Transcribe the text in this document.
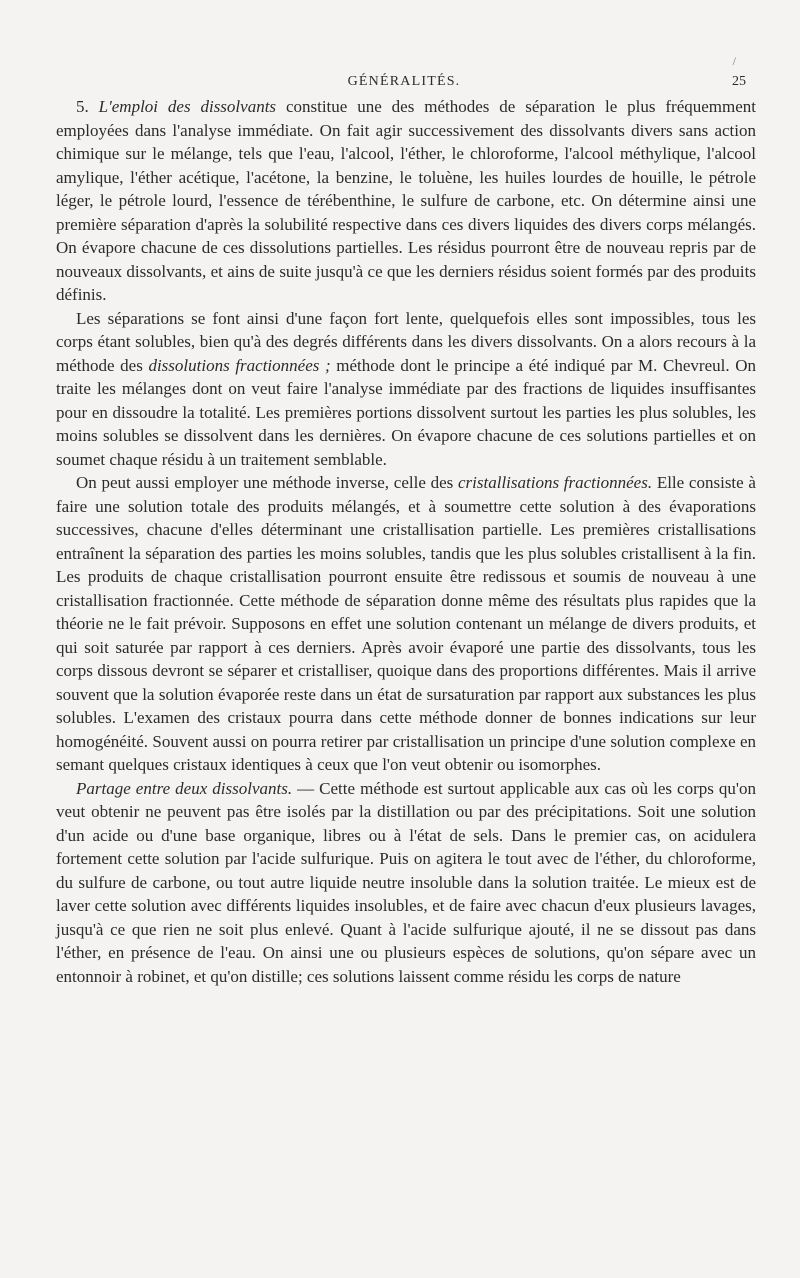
/
GÉNÉRALITÉS.	25

5. L'emploi des dissolvants constitue une des méthodes de séparation le plus fréquemment employées dans l'analyse immédiate. On fait agir successivement des dissolvants divers sans action chimique sur le mélange, tels que l'eau, l'alcool, l'éther, le chloroforme, l'alcool méthylique, l'alcool amylique, l'éther acétique, l'acétone, la benzine, le toluène, les huiles lourdes de houille, le pétrole léger, le pétrole lourd, l'essence de térébenthine, le sulfure de carbone, etc. On détermine ainsi une première séparation d'après la solubilité respective dans ces divers liquides des divers corps mélangés. On évapore chacune de ces dissolutions partielles. Les résidus pourront être de nouveau repris par de nouveaux dissolvants, et ains de suite jusqu'à ce que les derniers résidus soient formés par des produits définis.

Les séparations se font ainsi d'une façon fort lente, quelquefois elles sont impossibles, tous les corps étant solubles, bien qu'à des degrés différents dans les divers dissolvants. On a alors recours à la méthode des dissolutions fractionnées ; méthode dont le principe a été indiqué par M. Chevreul. On traite les mélanges dont on veut faire l'analyse immédiate par des fractions de liquides insuffisantes pour en dissoudre la totalité. Les premières portions dissolvent surtout les parties les plus solubles, les moins solubles se dissolvent dans les dernières. On évapore chacune de ces solutions partielles et on soumet chaque résidu à un traitement semblable.

On peut aussi employer une méthode inverse, celle des cristallisations fractionnées. Elle consiste à faire une solution totale des produits mélangés, et à soumettre cette solution à des évaporations successives, chacune d'elles déterminant une cristallisation partielle. Les premières cristallisations entraînent la séparation des parties les moins solubles, tandis que les plus solubles cristallisent à la fin. Les produits de chaque cristallisation pourront ensuite être redissous et soumis de nouveau à une cristallisation fractionnée. Cette méthode de séparation donne même des résultats plus rapides que la théorie ne le fait prévoir. Supposons en effet une solution contenant un mélange de divers produits, et qui soit saturée par rapport à ces derniers. Après avoir évaporé une partie des dissolvants, tous les corps dissous devront se séparer et cristalliser, quoique dans des proportions différentes. Mais il arrive souvent que la solution évaporée reste dans un état de sursaturation par rapport aux substances les plus solubles. L'examen des cristaux pourra dans cette méthode donner de bonnes indications sur leur homogénéité. Souvent aussi on pourra retirer par cristallisation un principe d'une solution complexe en semant quelques cristaux identiques à ceux que l'on veut obtenir ou isomorphes.

Partage entre deux dissolvants. — Cette méthode est surtout applicable aux cas où les corps qu'on veut obtenir ne peuvent pas être isolés par la distillation ou par des précipitations. Soit une solution d'un acide ou d'une base organique, libres ou à l'état de sels. Dans le premier cas, on acidulera fortement cette solution par l'acide sulfurique. Puis on agitera le tout avec de l'éther, du chloroforme, du sulfure de carbone, ou tout autre liquide neutre insoluble dans la solution traitée. Le mieux est de laver cette solution avec différents liquides insolubles, et de faire avec chacun d'eux plusieurs lavages, jusqu'à ce que rien ne soit plus enlevé. Quant à l'acide sulfurique ajouté, il ne se dissout pas dans l'éther, en présence de l'eau. On ainsi une ou plusieurs espèces de solutions, qu'on sépare avec un entonnoir à robinet, et qu'on distille; ces solutions laissent comme résidu les corps de nature
